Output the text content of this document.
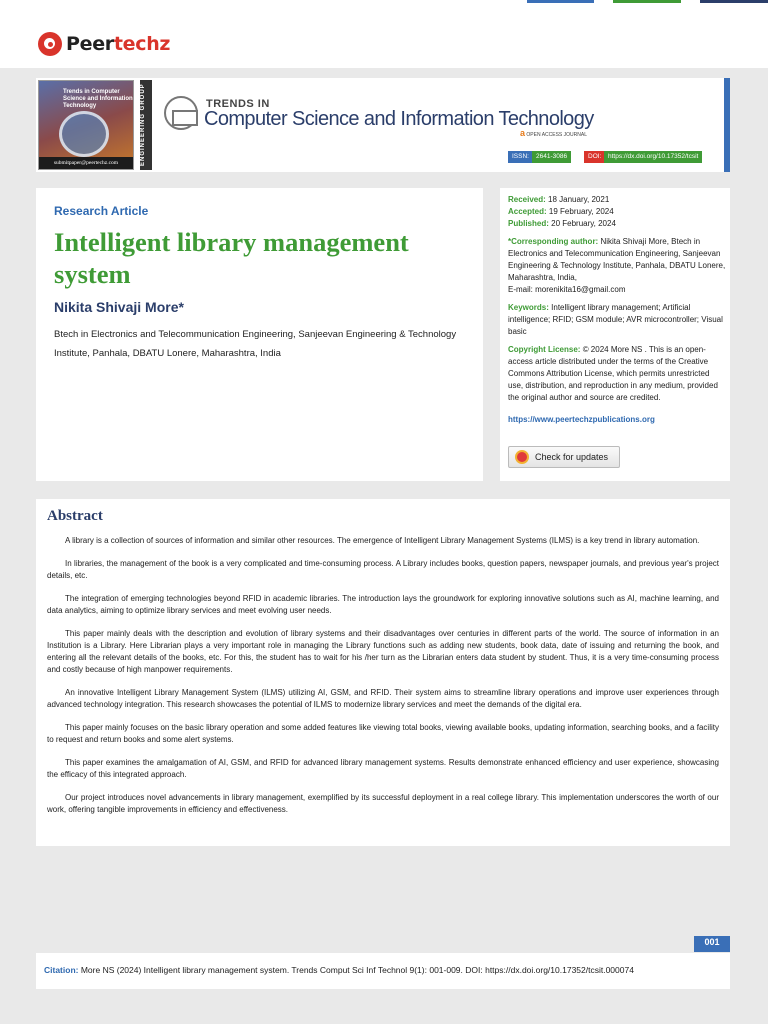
Peertechz
Trends in Computer Science and Information Technology
submitpaper@peertechz.com	ENGINEERING GROUP	TRENDS IN
Computer Science and Information Technology
a OPEN ACCESS JOURNAL
ISSN:	2641-3086	DOI:	https://dx.doi.org/10.17352/tcsit
Research Article
Intelligent library management system
Nikita Shivaji More*
Btech in Electronics and Telecommunication Engineering, Sanjeevan Engineering & Technology Institute, Panhala, DBATU Lonere, Maharashtra, India
Received: 18 January, 2021
Accepted: 19 February, 2024

Published: 20 February, 2024

*Corresponding author: Nikita Shivaji More, Btech in Electronics and Telecommunication Engineering, Sanjeevan Engineering & Technology Institute, Panhala, DBATU Lonere, Maharashtra, India,

E-mail: morenikita16@gmail.com

Keywords: Intelligent library management; Artificial intelligence; RFID; GSM module; AVR microcontroller; Visual basic

Copyright License: © 2024 More NS . This is an open-access article distributed under the terms of the Creative Commons Attribution License, which permits unrestricted use, distribution, and reproduction in any medium, provided the original author and source are credited.

https://www.peertechzpublications.org
Check for updates
Abstract

A library is a collection of sources of information and similar other resources. The emergence of Intelligent Library Management Systems (ILMS) is a key trend in library automation.

In libraries, the management of the book is a very complicated and time-consuming process. A Library includes books, question papers, newspaper journals, and previous year's project details, etc.

The integration of emerging technologies beyond RFID in academic libraries. The introduction lays the groundwork for exploring innovative solutions such as AI, machine learning, and data analytics, aiming to optimize library services and meet evolving user needs.

This paper mainly deals with the description and evolution of library systems and their disadvantages over centuries in different parts of the world. The source of information in an Institution is a Library. Here Librarian plays a very important role in managing the Library functions such as adding new students, book data, date of issuing and returning the book, and entering all the relevant details of the books, etc. For this, the student has to wait for his /her turn as the Librarian enters data student by student. Thus, it is a very time-consuming process and costly because of high manpower requirements.

An innovative Intelligent Library Management System (ILMS) utilizing AI, GSM, and RFID. Their system aims to streamline library operations and improve user experiences through advanced technology integration. This research showcases the potential of ILMS to modernize library services and meet the demands of the digital era.

This paper mainly focuses on the basic library operation and some added features like viewing total books, viewing available books, updating information, searching books, and a facility to request and return books and some alert systems.

This paper examines the amalgamation of AI, GSM, and RFID for advanced library management systems. Results demonstrate enhanced efficiency and user experience, showcasing the efficacy of this integrated approach.

Our project introduces novel advancements in library management, exemplified by its successful deployment in a real college library. This implementation underscores the worth of our work, offering tangible improvements in efficiency and effectiveness.

001
Citation: More NS (2024) Intelligent library management system. Trends Comput Sci Inf Technol 9(1): 001-009. DOI: https://dx.doi.org/10.17352/tcsit.000074
